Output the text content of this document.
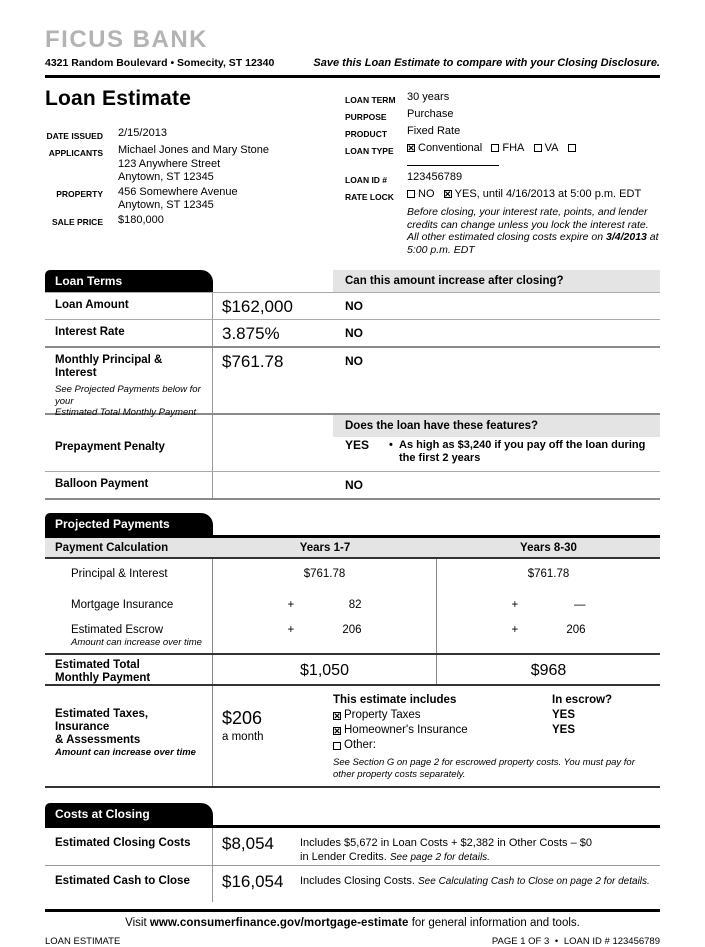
FICUS BANK
4321 Random Boulevard • Somecity, ST 12340	Save this Loan Estimate to compare with your Closing Disclosure.
Loan Estimate
DATE ISSUED 2/15/2013
APPLICANTS Michael Jones and Mary Stone
123 Anywhere Street
Anytown, ST 12345
PROPERTY 456 Somewhere Avenue
Anytown, ST 12345
SALE PRICE $180,000
LOAN TERM	30 years
PURPOSE	Purchase
PRODUCT	Fixed Rate
LOAN TYPE ✕	Conventional FHA VA
LOAN ID #	123456789
RATE LOCK	NO ✕ YES, until 4/16/2013 at 5:00 p.m. EDT
Before closing, your interest rate, points, and lender credits can change unless you lock the interest rate. All other estimated closing costs expire on 3/4/2013 at 5:00 p.m. EDT
Loan Terms	Can this amount increase after closing?
Loan Amount	$162,000	NO
Interest Rate	3.875%	NO
Monthly Principal & Interest
See Projected Payments below for your
Estimated Total Monthly Payment
$761.78	NO
Does the loan have these features?
Prepayment Penalty	YES	• As high as $3,240 if you pay off the loan during the first 2 years
Balloon Payment	NO
Projected Payments
Payment Calculation	Years 1-7	Years 8-30
Principal & Interest	$761.78	$761.78
Mortgage Insurance	+	82	+	—
Estimated Escrow
Amount can increase over time
+	206	+	206
Estimated Total
Monthly Payment	$1,050	$968
Estimated Taxes, Insurance
& Assessments
Amount can increase over time
$206
a month
This estimate includes	In escrow?
✕
Property Taxes	YES
✕
Homeowner's Insurance	YES
Other:
See Section G on page 2 for escrowed property costs. You must pay for other property costs separately.
Costs at Closing
Estimated Closing Costs	$8,054	Includes $5,672 in Loan Costs + $2,382 in Other Costs – $0
in Lender Credits. See page 2 for details.
Estimated Cash to Close	$16,054	Includes Closing Costs. See Calculating Cash to Close on page 2 for details.
Visit www.consumerfinance.gov/mortgage-estimate for general information and tools.
LOAN ESTIMATE	PAGE 1 OF 3 • LOAN ID # 123456789
